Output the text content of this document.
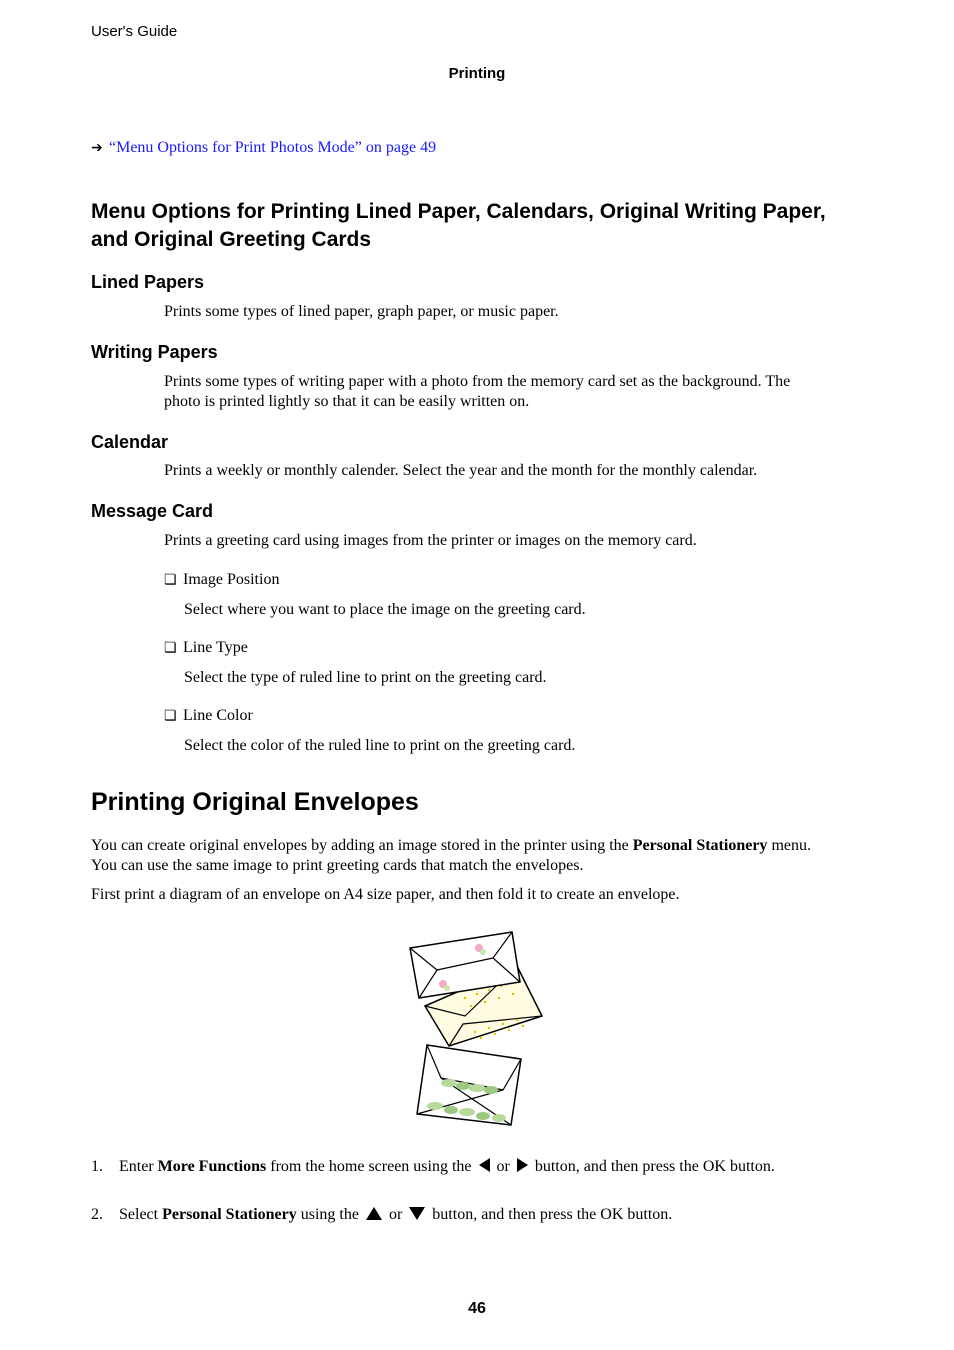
User's Guide
Printing
➔ “Menu Options for Print Photos Mode” on page 49
Menu Options for Printing Lined Paper, Calendars, Original Writing Paper,
and Original Greeting Cards
Lined Papers
Prints some types of lined paper, graph paper, or music paper.
Writing Papers
Prints some types of writing paper with a photo from the memory card set as the background. The
photo is printed lightly so that it can be easily written on.
Calendar
Prints a weekly or monthly calender. Select the year and the month for the monthly calendar.
Message Card
Prints a greeting card using images from the printer or images on the memory card.
❏ Image Position
Select where you want to place the image on the greeting card.
❏ Line Type
Select the type of ruled line to print on the greeting card.
❏ Line Color
Select the color of the ruled line to print on the greeting card.
Printing Original Envelopes
You can create original envelopes by adding an image stored in the printer using the Personal Stationery menu.
You can use the same image to print greeting cards that match the envelopes.
First print a diagram of an envelope on A4 size paper, and then fold it to create an envelope.
1. Enter More Functions from the home screen using the  or  button, and then press the OK button.
2. Select Personal Stationery using the  or  button, and then press the OK button.
46
